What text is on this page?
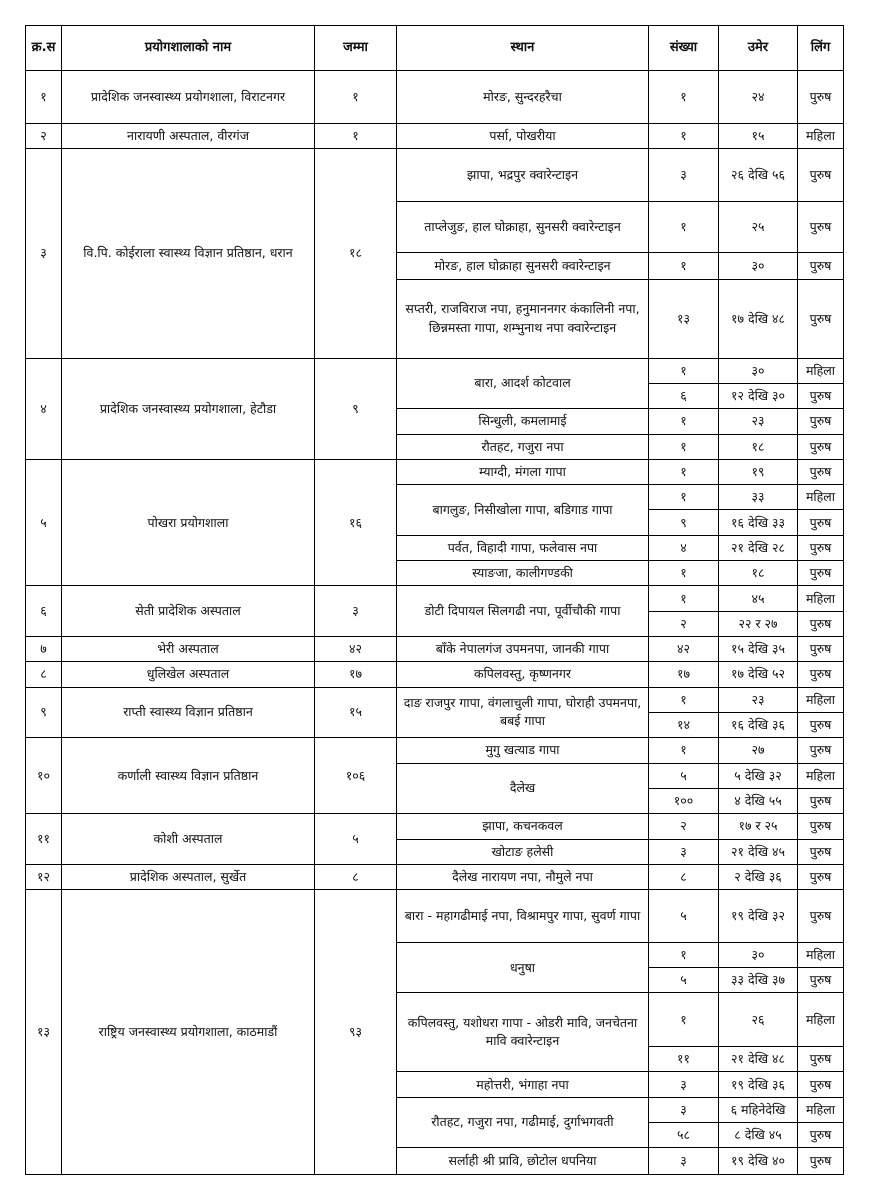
क्र.स	प्रयोगशालाको नाम	जम्मा	स्थान	संख्या	उमेर	लिंग
१	प्रादेशिक जनस्वास्थ्य प्रयोगशाला, विराटनगर	१	मोरङ, सुन्दरहरैचा	१	२४	पुरुष
२	नारायणी अस्पताल, वीरगंज	१	पर्सा, पोखरीया	१	१५	महिला
३	वि.पि. कोईराला स्वास्थ्य विज्ञान प्रतिष्ठान, धरान	१८	झापा, भद्रपुर क्वारेन्टाइन	३	२६ देखि ५६	पुरुष
			ताप्लेजुङ, हाल घोक्राहा, सुनसरी क्वारेन्टाइन	१	२५	पुरुष
			मोरङ, हाल घोक्राहा सुनसरी क्वारेन्टाइन	१	३०	पुरुष
			सप्तरी, राजविराज नपा, हनुमाननगर कंकालिनी नपा, छिन्नमस्ता गापा, शम्भुनाथ नपा क्वारेन्टाइन	१३	१७ देखि ४८	पुरुष
४	प्रादेशिक जनस्वास्थ्य प्रयोगशाला, हेटौडा	९	बारा, आदर्श कोटवाल	१	३०	महिला
				६	१२ देखि ३०	पुरुष
			सिन्धुली, कमलामाई	१	२३	पुरुष
			रौतहट, गजुरा नपा	१	१८	पुरुष
५	पोखरा प्रयोगशाला	१६	म्याग्दी, मंगला गापा	१	१९	पुरुष
			बागलुङ, निसीखोला गापा, बडिगाड गापा	१	३३	महिला
				९	१६ देखि ३३	पुरुष
			पर्वत, विहादी गापा, फलेवास नपा	४	२१ देखि २८	पुरुष
			स्याङजा, कालीगण्डकी	१	१८	पुरुष
६	सेती प्रादेशिक अस्पताल	३	डोटी दिपायल सिलगढी नपा, पूर्वीचौकी गापा	१	४५	महिला
				२	२२ र २७	पुरुष
७	भेरी अस्पताल	४२	बाँके नेपालगंज उपमनपा, जानकी गापा	४२	१५ देखि ३५	पुरुष
८	धुलिखेल अस्पताल	१७	कपिलवस्तु, कृष्णनगर	१७	१७ देखि ५२	पुरुष
९	राप्ती स्वास्थ्य विज्ञान प्रतिष्ठान	१५	दाङ राजपुर गापा, वंगलाचुली गापा, घोराही उपमनपा, बबई गापा	१	२३	महिला
				१४	१६ देखि ३६	पुरुष
१०	कर्णाली स्वास्थ्य विज्ञान प्रतिष्ठान	१०६	मुगु खत्याड गापा	१	२७	पुरुष
			दैलेख	५	५ देखि ३२	महिला
				१००	४ देखि ५५	पुरुष
११	कोशी अस्पताल	५	झापा, कचनकवल	२	१७ र २५	पुरुष
			खोटाङ हलेसी	३	२१ देखि ४५	पुरुष
१२	प्रादेशिक अस्पताल, सुर्खेत	८	दैलेख नारायण नपा, नौमुले नपा	८	२ देखि ३६	पुरुष
१३	राष्ट्रिय जनस्वास्थ्य प्रयोगशाला, काठमाडौं	९३	बारा - महागढीमाई नपा, विश्रामपुर गापा, सुवर्ण गापा	५	१९ देखि ३२	पुरुष
			धनुषा	१	३०	महिला
				५	३३ देखि ३७	पुरुष
			कपिलवस्तु, यशोधरा गापा - ओडरी मावि, जनचेतना मावि क्वारेन्टाइन	१	२६	महिला
				११	२१ देखि ४८	पुरुष
			महोत्तरी, भंगाहा नपा	३	१९ देखि ३६	पुरुष
			रौतहट, गजुरा नपा, गढीमाई, दुर्गाभगवती	३	६ महिनेदेखि	महिला
				५८	८ देखि ४५	पुरुष
			सर्लाही श्री प्रावि, छोटोल धपनिया	३	१९ देखि ४०	पुरुष
